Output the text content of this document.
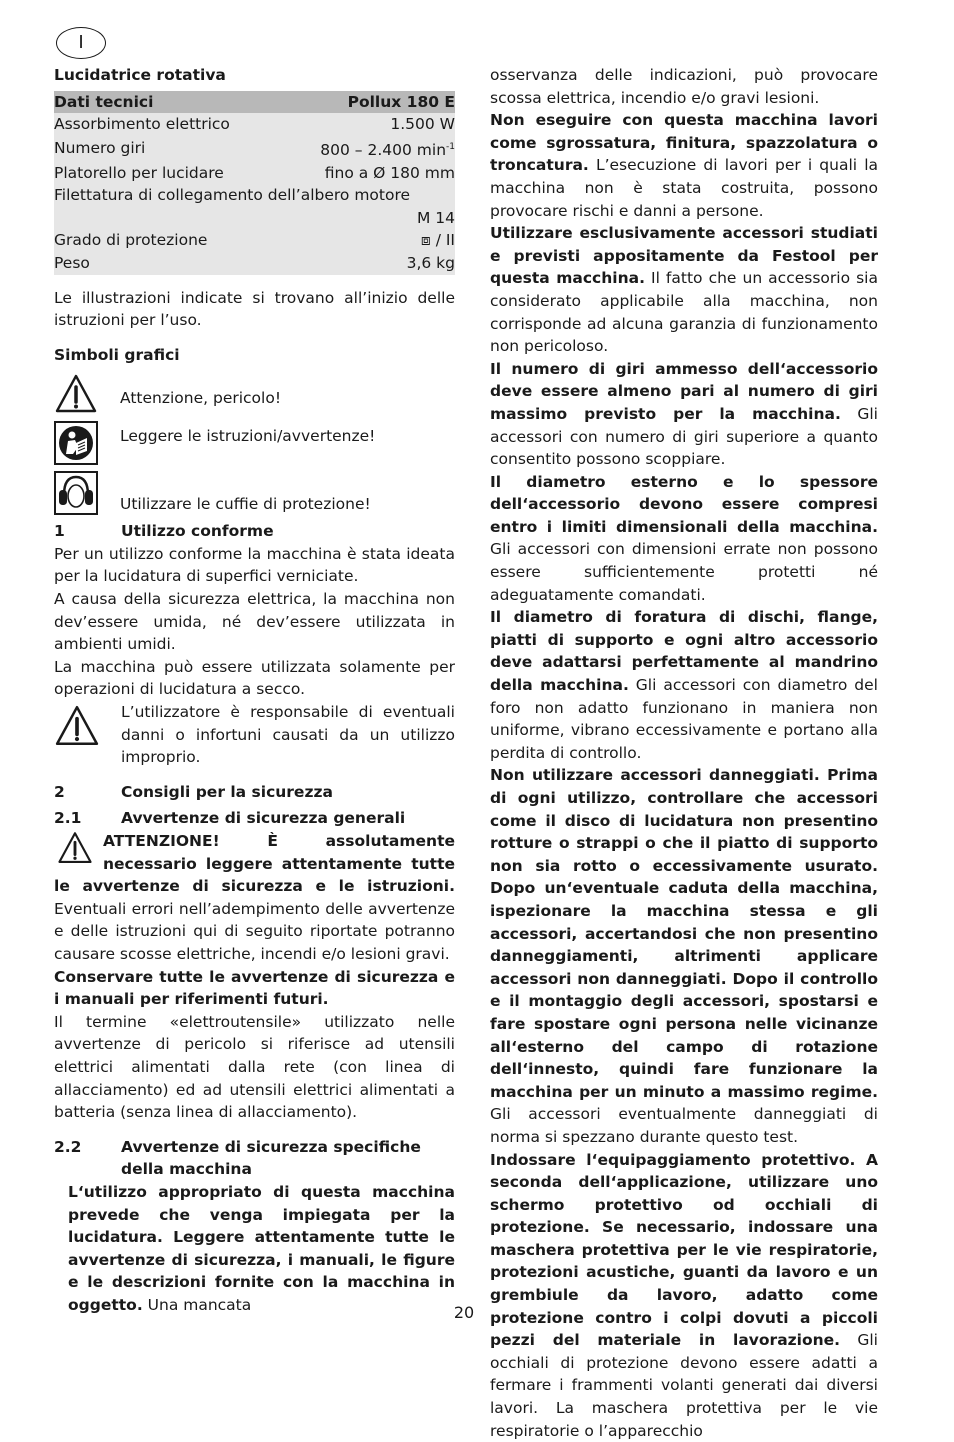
I

Lucidatrice rotativa

Dati tecnici	Pollux 180 E
Assorbimento elettrico	1.500 W
Numero giri	800 – 2.400 $\min^{-1}$
Platorello per lucidare	fino a Ø 180 mm
Filettatura di collegamento dell’albero motore	
	M 14
Grado di protezione	⧈ / II
Peso	3,6 kg

Le illustrazioni indicate si trovano all’inizio delle istruzioni per l’uso.

Simboli grafici

Attenzione, pericolo!
Leggere le istruzioni/avvertenze!
Utilizzare le cuffie di protezione!

1	Utilizzo conforme

Per un utilizzo conforme la macchina è stata ideata per la lucidatura di superfici verniciate.

A causa della sicurezza elettrica, la macchina non dev’essere umida, né dev’essere utilizzata in ambienti umidi.

La macchina può essere utilizzata solamente per operazioni di lucidatura a secco.

L’utilizzatore è responsabile di eventuali danni o infortuni causati da un utilizzo improprio.

2	Consigli per la sicurezza

2.1	Avvertenze di sicurezza generali

ATTENZIONE! È assolutamente necessario leggere attentamente tutte le avvertenze di sicurezza e le istruzioni. Eventuali errori nell’adempimento delle avvertenze e delle istruzioni qui di seguito riportate potranno causare scosse elettriche, incendi e/o lesioni gravi.

Conservare tutte le avvertenze di sicurezza e i manuali per riferimenti futuri.

Il termine «elettroutensile» utilizzato nelle avvertenze di pericolo si riferisce ad utensili elettrici alimentati dalla rete (con linea di allacciamento) ed ad utensili elettrici alimentati a batteria (senza linea di allacciamento).

2.2	Avvertenze di sicurezza specifiche della macchina

L‘utilizzo appropriato di questa macchina prevede che venga impiegata per la lucidatura. Leggere attentamente tutte le avvertenze di sicurezza, i manuali, le figure e le descrizioni fornite con la macchina in oggetto. Una mancata

osservanza delle indicazioni, può provocare scossa elettrica, incendio e/o gravi lesioni.

Non eseguire con questa macchina lavori come sgrossatura, finitura, spazzolatura o troncatura. L’esecuzione di lavori per i quali la macchina non è stata costruita, possono provocare rischi e danni a persone.

Utilizzare esclusivamente accessori studiati e previsti appositamente da Festool per questa macchina. Il fatto che un accessorio sia considerato applicabile alla macchina, non corrisponde ad alcuna garanzia di funzionamento non pericoloso.

Il numero di giri ammesso dell‘accessorio deve essere almeno pari al numero di giri massimo previsto per la macchina. Gli accessori con numero di giri superiore a quanto consentito possono scoppiare.

Il diametro esterno e lo spessore dell‘accessorio devono essere compresi entro i limiti dimensionali della macchina. Gli accessori con dimensioni errate non possono essere sufficientemente protetti né adeguatamente comandati.

Il diametro di foratura di dischi, flange, piatti di supporto e ogni altro accessorio deve adattarsi perfettamente al mandrino della macchina. Gli accessori con diametro del foro non adatto funzionano in maniera non uniforme, vibrano eccessivamente e portano alla perdita di controllo.

Non utilizzare accessori danneggiati. Prima di ogni utilizzo, controllare che accessori come il disco di lucidatura non presentino rotture o strappi o che il piatto di supporto non sia rotto o eccessivamente usurato. Dopo un‘eventuale caduta della macchina, ispezionare la macchina stessa e gli accessori, accertandosi che non presentino danneggiamenti, altrimenti applicare accessori non danneggiati. Dopo il controllo e il montaggio degli accessori, spostarsi e fare spostare ogni persona nelle vicinanze all‘esterno del campo di rotazione dell‘innesto, quindi fare funzionare la macchina per un minuto a massimo regime. Gli accessori eventualmente danneggiati di norma si spezzano durante questo test.

Indossare l‘equipaggiamento protettivo. A seconda dell‘applicazione, utilizzare uno schermo protettivo od occhiali di protezione. Se necessario, indossare una maschera protettiva per le vie respiratorie, protezioni acustiche, guanti da lavoro e un grembiule da lavoro, adatto come protezione contro i colpi dovuti a piccoli pezzi del materiale in lavorazione. Gli occhiali di protezione devono essere adatti a fermare i frammenti volanti generati dai diversi lavori. La maschera protettiva per le vie respiratorie o l’apparecchio

20
